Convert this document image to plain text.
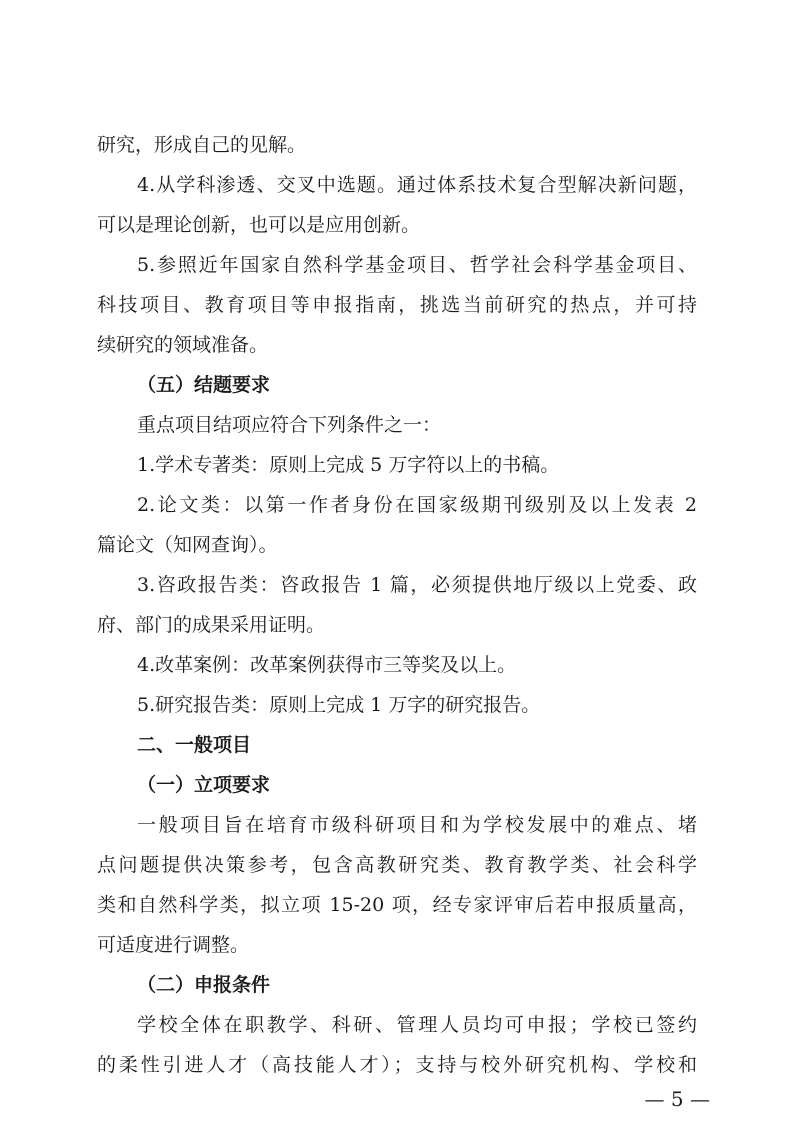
研究，形成自己的见解。
4.从学科渗透、交叉中选题。通过体系技术复合型解决新问题，
可以是理论创新，也可以是应用创新。
5.参照近年国家自然科学基金项目、哲学社会科学基金项目、
科技项目、教育项目等申报指南，挑选当前研究的热点，并可持
续研究的领域准备。
（五）结题要求
重点项目结项应符合下列条件之一：
1.学术专著类：原则上完成 5 万字符以上的书稿。
2.论文类：以第一作者身份在国家级期刊级别及以上发表 2
篇论文（知网查询）。
3.咨政报告类：咨政报告 1 篇，必须提供地厅级以上党委、政
府、部门的成果采用证明。
4.改革案例：改革案例获得市三等奖及以上。
5.研究报告类：原则上完成 1 万字的研究报告。
二、一般项目
（一）立项要求
一般项目旨在培育市级科研项目和为学校发展中的难点、堵
点问题提供决策参考，包含高教研究类、教育教学类、社会科学
类和自然科学类，拟立项 15-20 项，经专家评审后若申报质量高，
可适度进行调整。
（二）申报条件
学校全体在职教学、科研、管理人员均可申报；学校已签约
— 5 —
的柔性引进人才（高技能人才）；支持与校外研究机构、学校和
